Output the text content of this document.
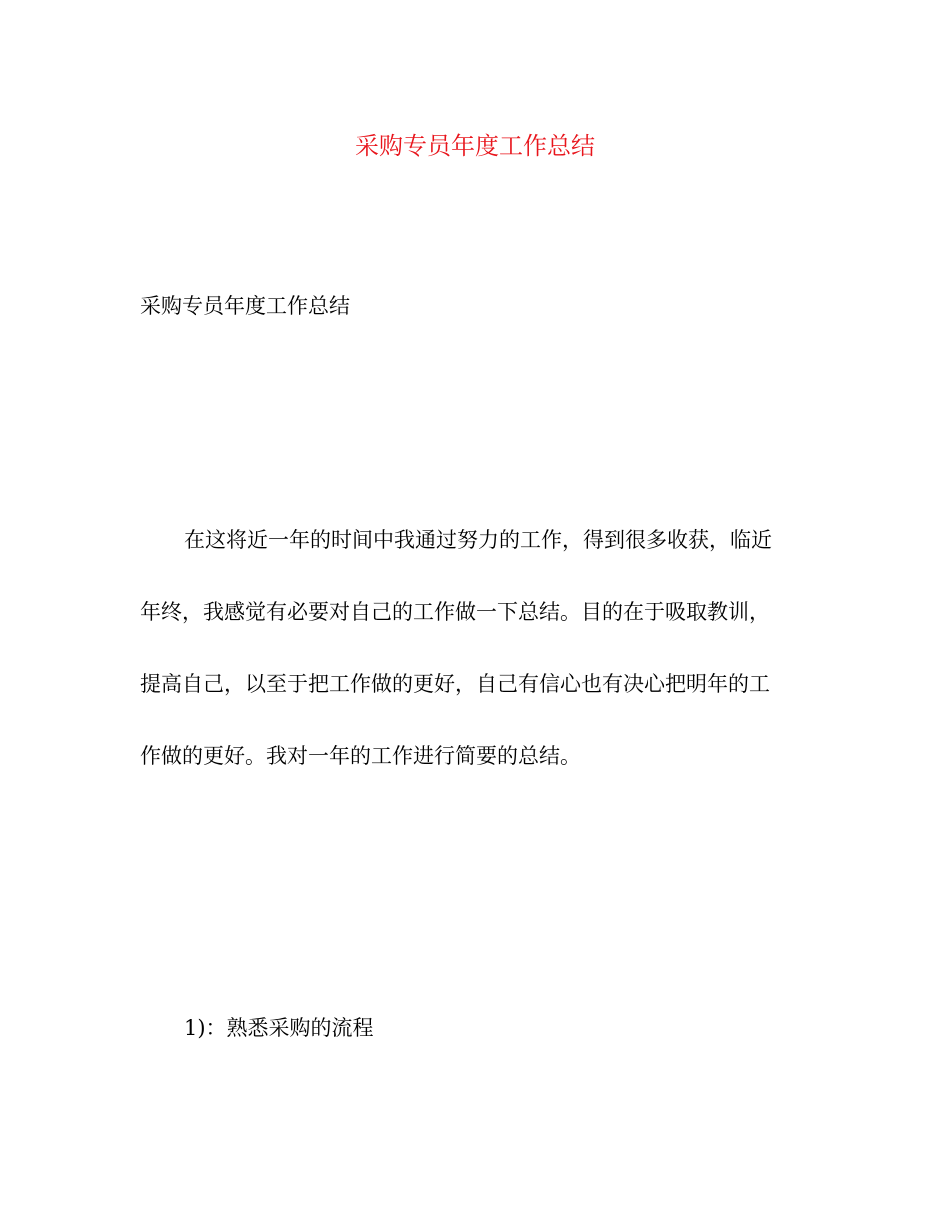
采购专员年度工作总结

采购专员年度工作总结

在这将近一年的时间中我通过努力的工作，得到很多收获，临近
年终，我感觉有必要对自己的工作做一下总结。目的在于吸取教训，
提高自己，以至于把工作做的更好，自己有信心也有决心把明年的工
作做的更好。我对一年的工作进行简要的总结。

1)：熟悉采购的流程
